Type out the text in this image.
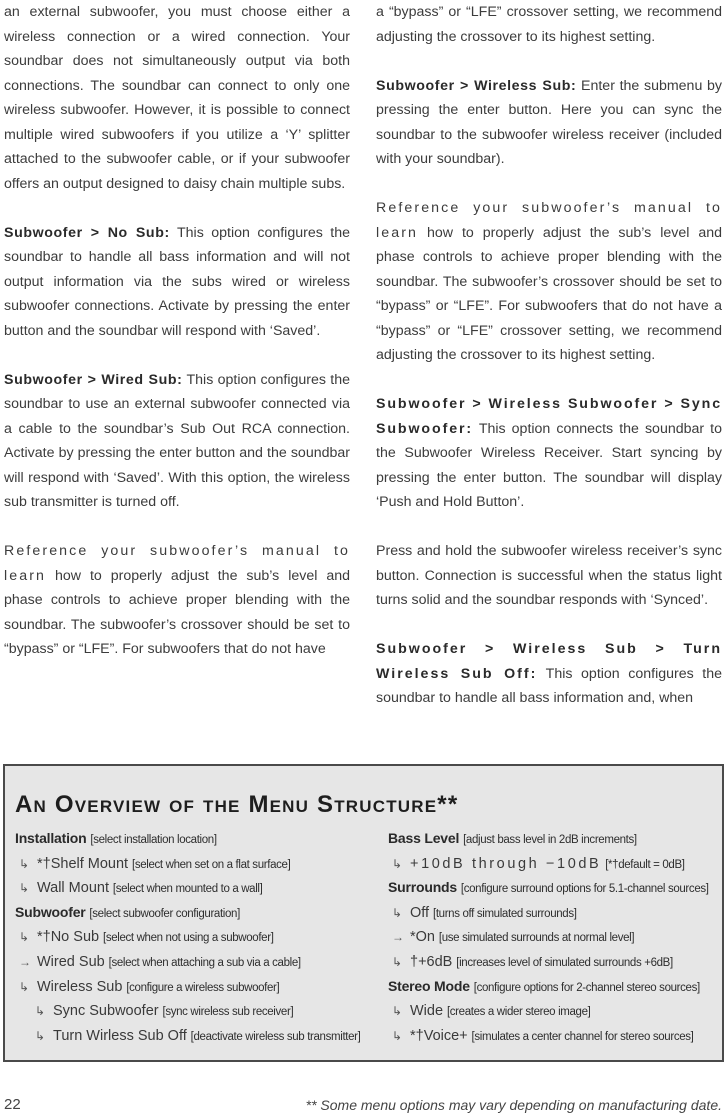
an external subwoofer, you must choose either a wireless connection or a wired connection. Your soundbar does not simultaneously output via both connections. The soundbar can connect to only one wireless subwoofer. However, it is possible to connect multiple wired subwoofers if you utilize a ‘Y’ splitter attached to the subwoofer cable, or if your subwoofer offers an output designed to daisy chain multiple subs.

Subwoofer > No Sub: This option configures the soundbar to handle all bass information and will not output information via the subs wired or wireless subwoofer connections. Activate by pressing the enter button and the soundbar will respond with ‘Saved’.

Subwoofer > Wired Sub: This option configures the soundbar to use an external subwoofer connected via a cable to the soundbar’s Sub Out RCA connection. Activate by pressing the enter button and the soundbar will respond with ‘Saved’. With this option, the wireless sub transmitter is turned off.

Reference your subwoofer’s manual to learn how to properly adjust the sub’s level and phase controls to achieve proper blending with the soundbar. The subwoofer’s crossover should be set to “bypass” or “LFE”. For subwoofers that do not have

a “bypass” or “LFE” crossover setting, we recommend adjusting the crossover to its highest setting.

Subwoofer > Wireless Sub: Enter the submenu by pressing the enter button. Here you can sync the soundbar to the subwoofer wireless receiver (included with your soundbar).

Reference your subwoofer’s manual to learn how to properly adjust the sub’s level and phase controls to achieve proper blending with the soundbar. The subwoofer’s crossover should be set to “bypass” or “LFE”. For subwoofers that do not have a “bypass” or “LFE” crossover setting, we recommend adjusting the crossover to its highest setting.

Subwoofer > Wireless Subwoofer > Sync Subwoofer: This option connects the soundbar to the Subwoofer Wireless Receiver. Start syncing by pressing the enter button. The soundbar will display ‘Push and Hold Button’.

Press and hold the subwoofer wireless receiver’s sync button. Connection is successful when the status light turns solid and the soundbar responds with ‘Synced’.

Subwoofer > Wireless Sub > Turn Wireless Sub Off: This option configures the soundbar to handle all bass information and, when

An Overview of the Menu Structure**
Installation [select installation location]
↳ *†Shelf Mount [select when set on a flat surface]
↳ Wall Mount [select when mounted to a wall]
Subwoofer [select subwoofer configuration]
↳ *†No Sub [select when not using a subwoofer]
→ Wired Sub [select when attaching a sub via a cable]
↳ Wireless Sub [configure a wireless subwoofer]
↳ Sync Subwoofer [sync wireless sub receiver]
↳ Turn Wirless Sub Off [deactivate wireless sub transmitter]
Bass Level [adjust bass level in 2dB increments]
↳ +10dB through −10dB [*†default = 0dB]
Surrounds [configure surround options for 5.1-channel sources]
↳ Off [turns off simulated surrounds]
→ *On [use simulated surrounds at normal level]
↳ †+6dB [increases level of simulated surrounds +6dB]
Stereo Mode [configure options for 2-channel stereo sources]
↳ Wide [creates a wider stereo image]
↳ *†Voice+ [simulates a center channel for stereo sources]
22	** Some menu options may vary depending on manufacturing date.
